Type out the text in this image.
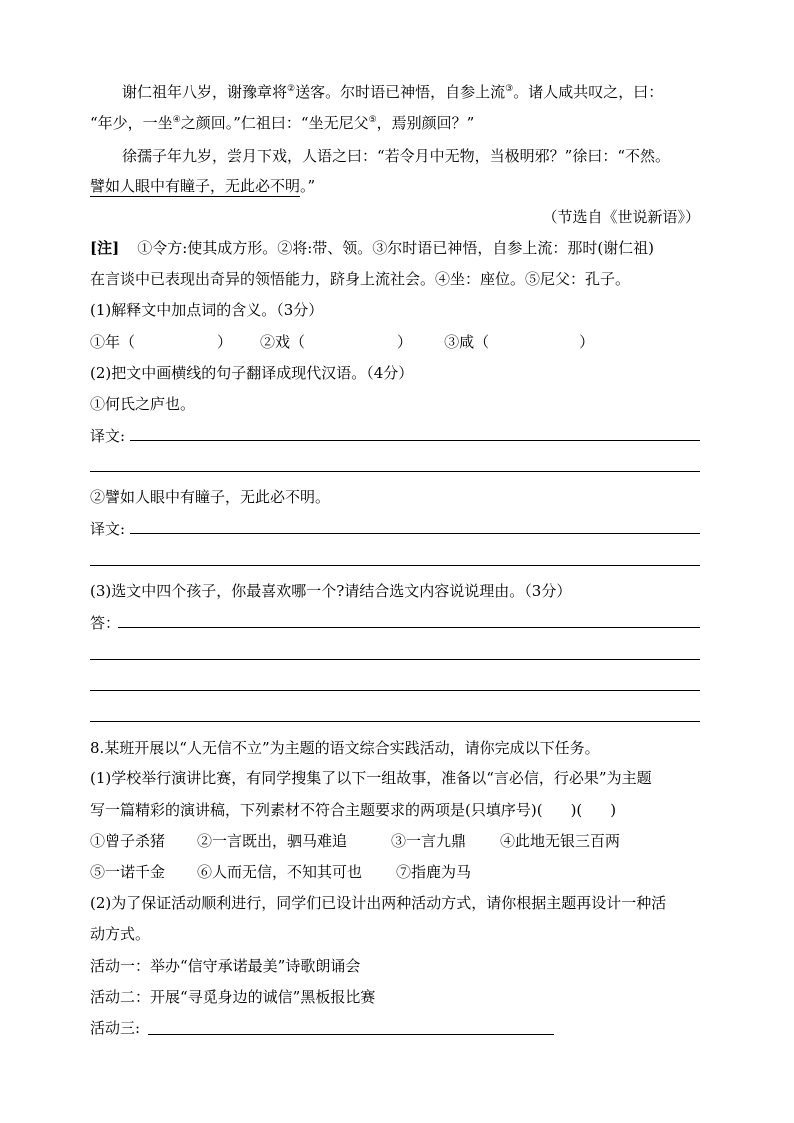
谢仁祖年八岁，谢豫章将②送客。尔时语已神悟，自参上流③。诸人咸共叹之，曰：
“年少，一坐④之颜回。”仁祖曰：“坐无尼父⑤，焉别颜回？”
徐孺子年九岁，尝月下戏，人语之曰：“若令月中无物，当极明邪？”徐曰：“不然。
譬如人眼中有瞳子，无此必不明。”
（节选自《世说新语》）
[注] ①令方:使其成方形。②将:带、领。③尔时语已神悟，自参上流：那时(谢仁祖)
在言谈中已表现出奇异的领悟能力，跻身上流社会。④坐：座位。⑤尼父：孔子。
(1)解释文中加点词的含义。（3分）
①年（	） ②戏（	） ③咸（	）
(2)把文中画横线的句子翻译成现代汉语。（4分）
①何氏之庐也。
译文:
②譬如人眼中有瞳子，无此必不明。
译文:
(3)选文中四个孩子，你最喜欢哪一个?请结合选文内容说说理由。（3分）
答：
8.某班开展以“人无信不立”为主题的语文综合实践活动，请你完成以下任务。
(1)学校举行演讲比赛，有同学搜集了以下一组故事，准备以“言必信，行必果”为主题
写一篇精彩的演讲稿，下列素材不符合主题要求的两项是(只填序号)( )( )
①曾子杀猪 ②一言既出，驷马难追	③一言九鼎 ④此地无银三百两
⑤一诺千金 ⑥人而无信，不知其可也 ⑦指鹿为马
(2)为了保证活动顺利进行，同学们已设计出两种活动方式，请你根据主题再设计一种活
动方式。
活动一：举办“信守承诺最美”诗歌朗诵会
活动二：开展“寻觅身边的诚信”黑板报比赛
活动三:
